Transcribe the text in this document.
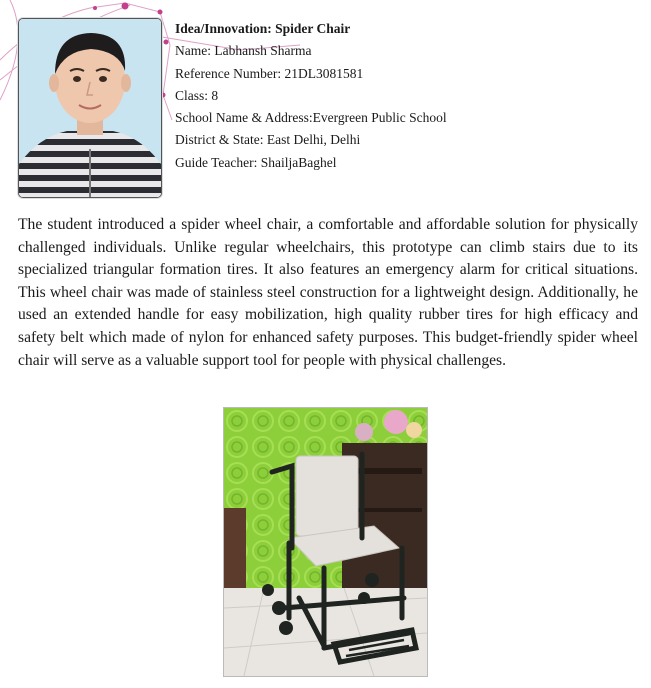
Idea/Innovation: Spider Chair
Name: Labhansh Sharma
Reference Number: 21DL3081581
Class: 8
School Name & Address:Evergreen Public School
District & State: East Delhi, Delhi
Guide Teacher: ShailjaBaghel

The student introduced a spider wheel chair, a comfortable and affordable solution for physically challenged individuals. Unlike regular wheelchairs, this prototype can climb stairs due to its specialized triangular formation tires. It also features an emergency alarm for critical situations. This wheel chair was made of stainless steel construction for a lightweight design. Additionally, he used an extended handle for easy mobilization, high quality rubber tires for high efficacy and safety belt which made of nylon for enhanced safety purposes. This budget-friendly spider wheel chair will serve as a valuable support tool for people with physical challenges.
